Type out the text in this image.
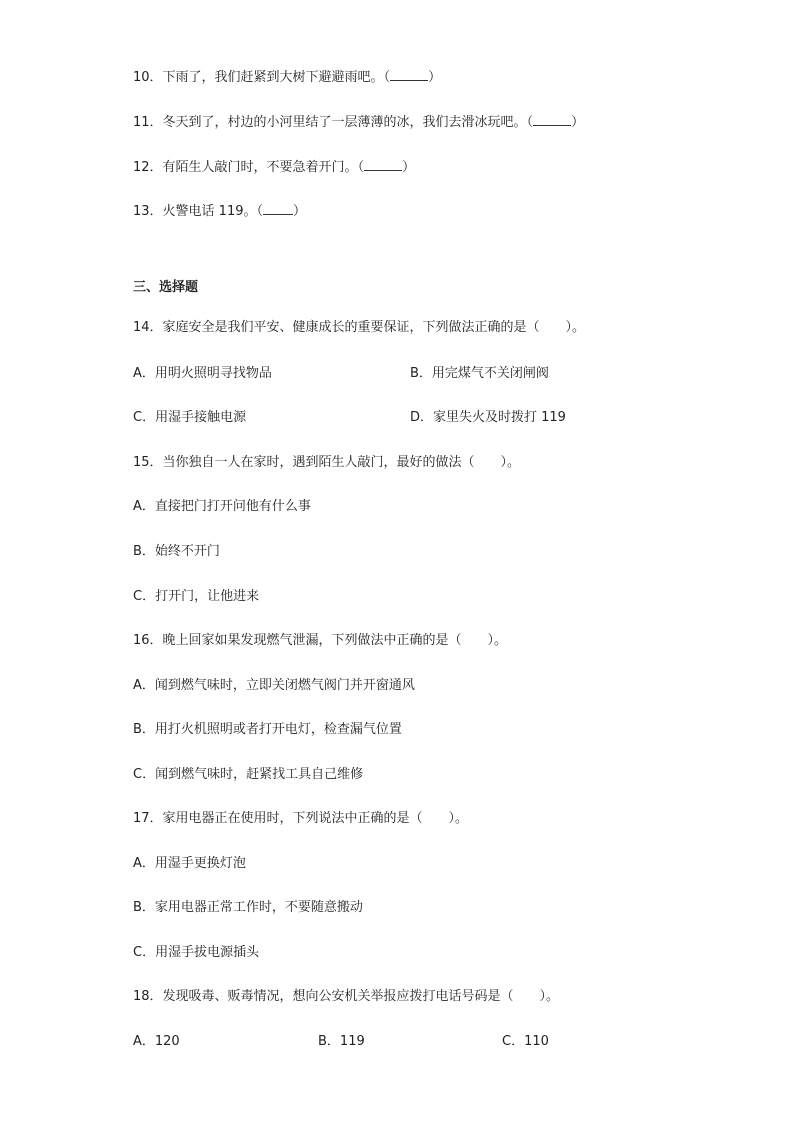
10．下雨了，我们赶紧到大树下避避雨吧。（	）
11．冬天到了，村边的小河里结了一层薄薄的冰，我们去滑冰玩吧。（	）
12．有陌生人敲门时，不要急着开门。（	）
13．火警电话 119。（ ）
三、选择题
14．家庭安全是我们平安、健康成长的重要保证，下列做法正确的是（　　）。
A．用明火照明寻找物品	B．用完煤气不关闭闸阀
C．用湿手接触电源	D．家里失火及时拨打 119
15．当你独自一人在家时，遇到陌生人敲门，最好的做法（　　）。
A．直接把门打开问他有什么事
B．始终不开门
C．打开门，让他进来
16．晚上回家如果发现燃气泄漏，下列做法中正确的是（　　）。
A．闻到燃气味时，立即关闭燃气阀门并开窗通风
B．用打火机照明或者打开电灯，检查漏气位置
C．闻到燃气味时，赶紧找工具自己维修
17．家用电器正在使用时，下列说法中正确的是（　　）。
A．用湿手更换灯泡
B．家用电器正常工作时，不要随意搬动
C．用湿手拔电源插头
18．发现吸毒、贩毒情况，想向公安机关举报应拨打电话号码是（　　）。
A．120	B．119	C．110
